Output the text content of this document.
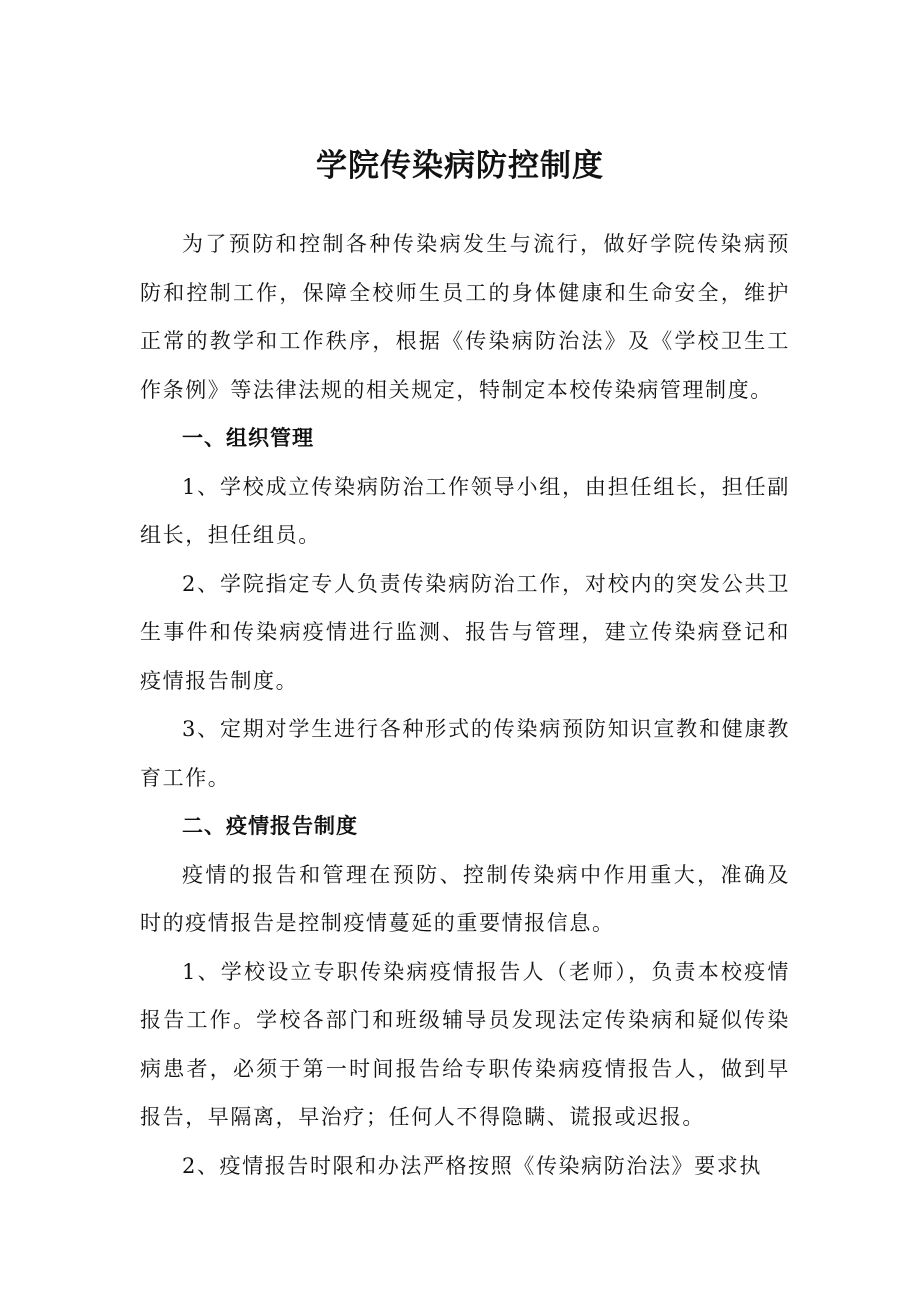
学院传染病防控制度

为了预防和控制各种传染病发生与流行，做好学院传染病预防和控制工作，保障全校师生员工的身体健康和生命安全，维护正常的教学和工作秩序，根据《传染病防治法》及《学校卫生工作条例》等法律法规的相关规定，特制定本校传染病管理制度。

一、组织管理

1、学校成立传染病防治工作领导小组，由担任组长，担任副组长，担任组员。

2、学院指定专人负责传染病防治工作，对校内的突发公共卫生事件和传染病疫情进行监测、报告与管理，建立传染病登记和疫情报告制度。

3、定期对学生进行各种形式的传染病预防知识宣教和健康教育工作。

二、疫情报告制度

疫情的报告和管理在预防、控制传染病中作用重大，准确及时的疫情报告是控制疫情蔓延的重要情报信息。

1、学校设立专职传染病疫情报告人（老师），负责本校疫情报告工作。学校各部门和班级辅导员发现法定传染病和疑似传染病患者，必须于第一时间报告给专职传染病疫情报告人，做到早报告，早隔离，早治疗；任何人不得隐瞒、谎报或迟报。

2、疫情报告时限和办法严格按照《传染病防治法》要求执
